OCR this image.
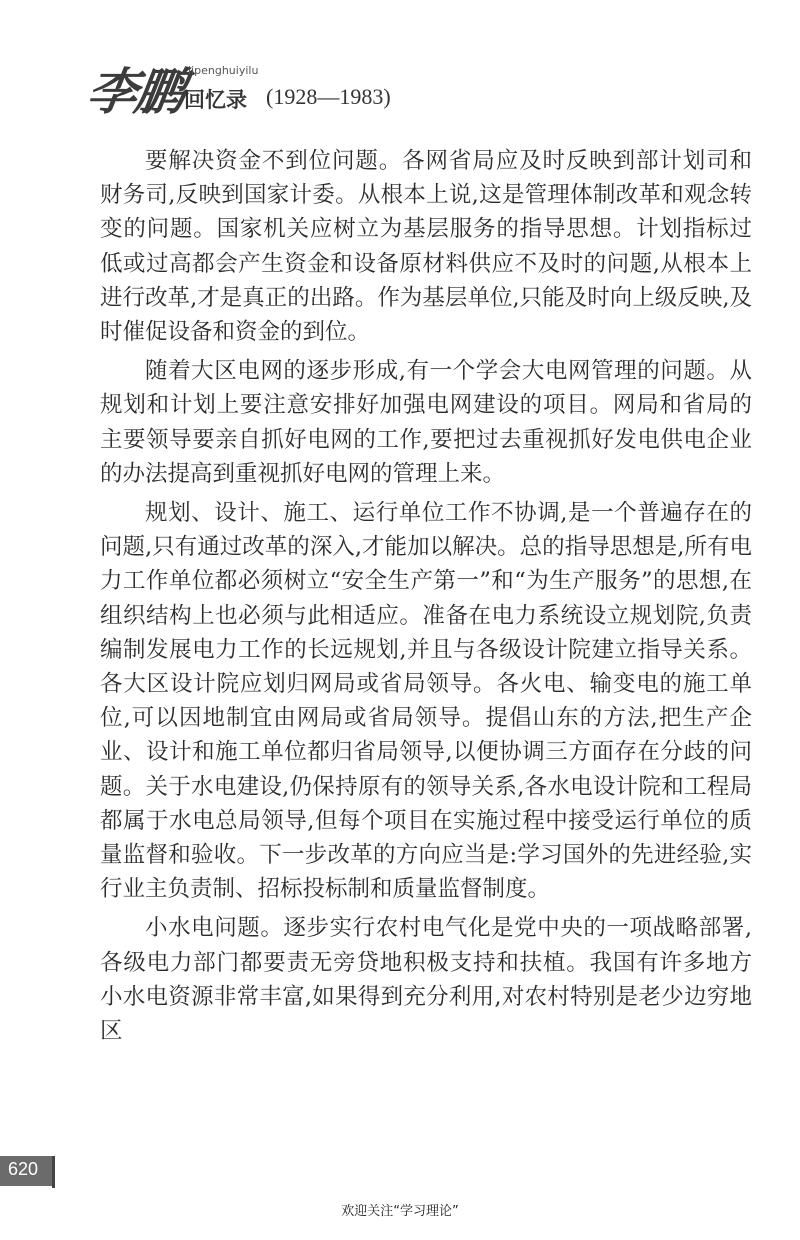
李鹏 lipenghuiyilu
回忆录 (1928—1983)

要解决资金不到位问题。各网省局应及时反映到部计划司和财务司,反映到国家计委。从根本上说,这是管理体制改革和观念转变的问题。国家机关应树立为基层服务的指导思想。计划指标过低或过高都会产生资金和设备原材料供应不及时的问题,从根本上进行改革,才是真正的出路。作为基层单位,只能及时向上级反映,及时催促设备和资金的到位。

随着大区电网的逐步形成,有一个学会大电网管理的问题。从规划和计划上要注意安排好加强电网建设的项目。网局和省局的主要领导要亲自抓好电网的工作,要把过去重视抓好发电供电企业的办法提高到重视抓好电网的管理上来。

规划、设计、施工、运行单位工作不协调,是一个普遍存在的问题,只有通过改革的深入,才能加以解决。总的指导思想是,所有电力工作单位都必须树立“安全生产第一”和“为生产服务”的思想,在组织结构上也必须与此相适应。准备在电力系统设立规划院,负责编制发展电力工作的长远规划,并且与各级设计院建立指导关系。各大区设计院应划归网局或省局领导。各火电、输变电的施工单位,可以因地制宜由网局或省局领导。提倡山东的方法,把生产企业、设计和施工单位都归省局领导,以便协调三方面存在分歧的问题。关于水电建设,仍保持原有的领导关系,各水电设计院和工程局都属于水电总局领导,但每个项目在实施过程中接受运行单位的质量监督和验收。下一步改革的方向应当是:学习国外的先进经验,实行业主负责制、招标投标制和质量监督制度。

小水电问题。逐步实行农村电气化是党中央的一项战略部署,各级电力部门都要责无旁贷地积极支持和扶植。我国有许多地方小水电资源非常丰富,如果得到充分利用,对农村特别是老少边穷地区

620
欢迎关注“学习理论”
